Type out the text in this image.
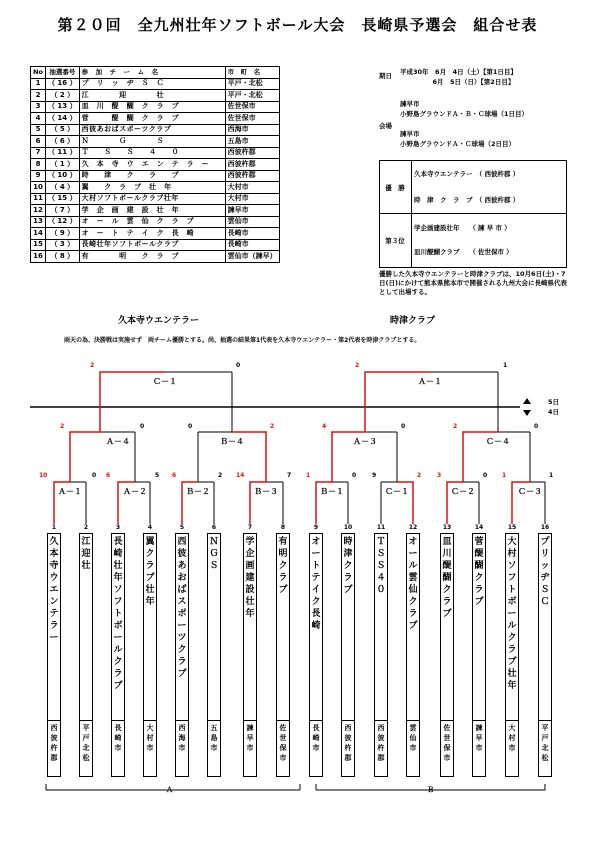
第２０回　全九州壮年ソフトボール大会　長崎県予選会　組合せ表
No	抽選番号	参　加　チ　ー　ム　名	市　町　名
1	（ 16 ）	プ　リ　ッ　ヂ　Ｓ　Ｃ	平戸・北松
2	（ 2 ）	江　　　　迎　　　　壮	平戸・北松
3	（ 13 ）	皿　川　醍　醐　ク　ラ　ブ	佐世保市
4	（ 14 ）	菅　　　醍　醐　ク　ラ　ブ	佐世保市
5	（ 5 ）	西彼あおばスポーツクラブ	西海市
6	（ 6 ）	Ｎ　　　　Ｇ　　　　Ｓ	五島市
7	（ 11 ）	Ｔ　　Ｓ　　Ｓ　　４　　０	西彼杵郡
8	（ 1 ）	久　本　寺　ウ　エ　ン　テ　ラ　ー	西彼杵郡
9	（ 10 ）	時　　津　　ク　　ラ　　ブ	西彼杵郡
10	（ 4 ）	翼　　ク　ラ　ブ　壮　年	大村市
11	（ 15 ）	大村ソフトボールクラブ壮年	大村市
12	（ 7 ）	学　企　画　建　設　壮　年	諫早市
13	（ 12 ）	オ　ー　ル　雲　仙　ク　ラ　ブ	雲仙市
14	（ 9 ）	オ　ー　ト　テ　イ　ク　長　崎	長崎市
15	（ 3 ）	長崎壮年ソフトボールクラブ	長崎市
16	（ 8 ）	有　　　　明　　ク　ラ　ブ	雲仙市（諫早）
期日 平成30年　6月　4日（土）【第1日目】
　　　　　6月　5日（日）【第2日目】
会場
諫早市
小野島グラウンドＡ・Ｂ・Ｃ球場（1日目）
諫早市
小野島グラウンドＡ・Ｃ球場（2日目）
優　勝
久本寺ウエンテラー　（ 西彼杵郡 ）
時　津　ク　ラ　ブ　（ 西彼杵郡 ）
第３位
学企画建設壮年　　（ 諫 早 市 ）
皿川醍醐クラブ　　（ 佐世保市 ）
優勝した久本寺ウエンテラーと時津クラブは、10月6日(土)・7日(日)にかけて熊本県熊本市で開催される九州大会に長崎県代表として出場する。
久本寺ウエンテラー	時津クラブ
雨天の為、決勝戦は実施せず　両チーム優勝とする。尚、抽選の結果第1代表を久本寺ウエンテラー・第2代表を時津クラブとする。
5日
4日
Ｃ－１	Ａ－１
Ａ－４	Ｂ－４	Ａ－３	Ｃ－４
Ａ－１	Ａ－２	Ｂ－２	Ｂ－３	Ｂ－１	Ｃ－１	Ｃ－２	Ｃ－３
2	0	2	1
2	0	0	2	4	0	2	0
10	0 6	5 6	2 14	7 1	0	9	2	3	0 1	1
1
久
本
寺
ウ
エ
ン
テ
ラ
ー
西
彼
杵
郡
2
江
迎
壮
平
戸
北
松
3
長
崎
壮
年
ソ
フ
ト
ボ
ー
ル
ク
ラ
ブ
長
崎
市
4
翼
ク
ラ
ブ
壮
年
大
村
市
5
西
彼
あ
お
ば
ス
ポ
ー
ツ
ク
ラ
ブ
西
海
市
6
Ｎ
Ｇ
Ｓ
五
島
市
7
学
企
画
建
設
壮
年
諫
早
市
8
有
明
ク
ラ
ブ
佐
世
保
市
9
オ
ー
ト
テ
イ
ク
長
崎
長
崎
市
10
時
津
ク
ラ
ブ
西
彼
杵
郡
11
Ｔ
Ｓ
Ｓ
４
０
西
彼
杵
郡
12
オ
ー
ル
雲
仙
ク
ラ
ブ
雲
仙
市
13
皿
川
醍
醐
ク
ラ
ブ
佐
世
保
市
14
菅
醍
醐
ク
ラ
ブ
諫
早
市
15
大
村
ソ
フ
ト
ボ
ー
ル
ク
ラ
ブ
壮
年
大
村
市
16
プ
リ
ッ
ヂ
Ｓ
Ｃ
平
戸
北
松
Ａ	Ｂ
